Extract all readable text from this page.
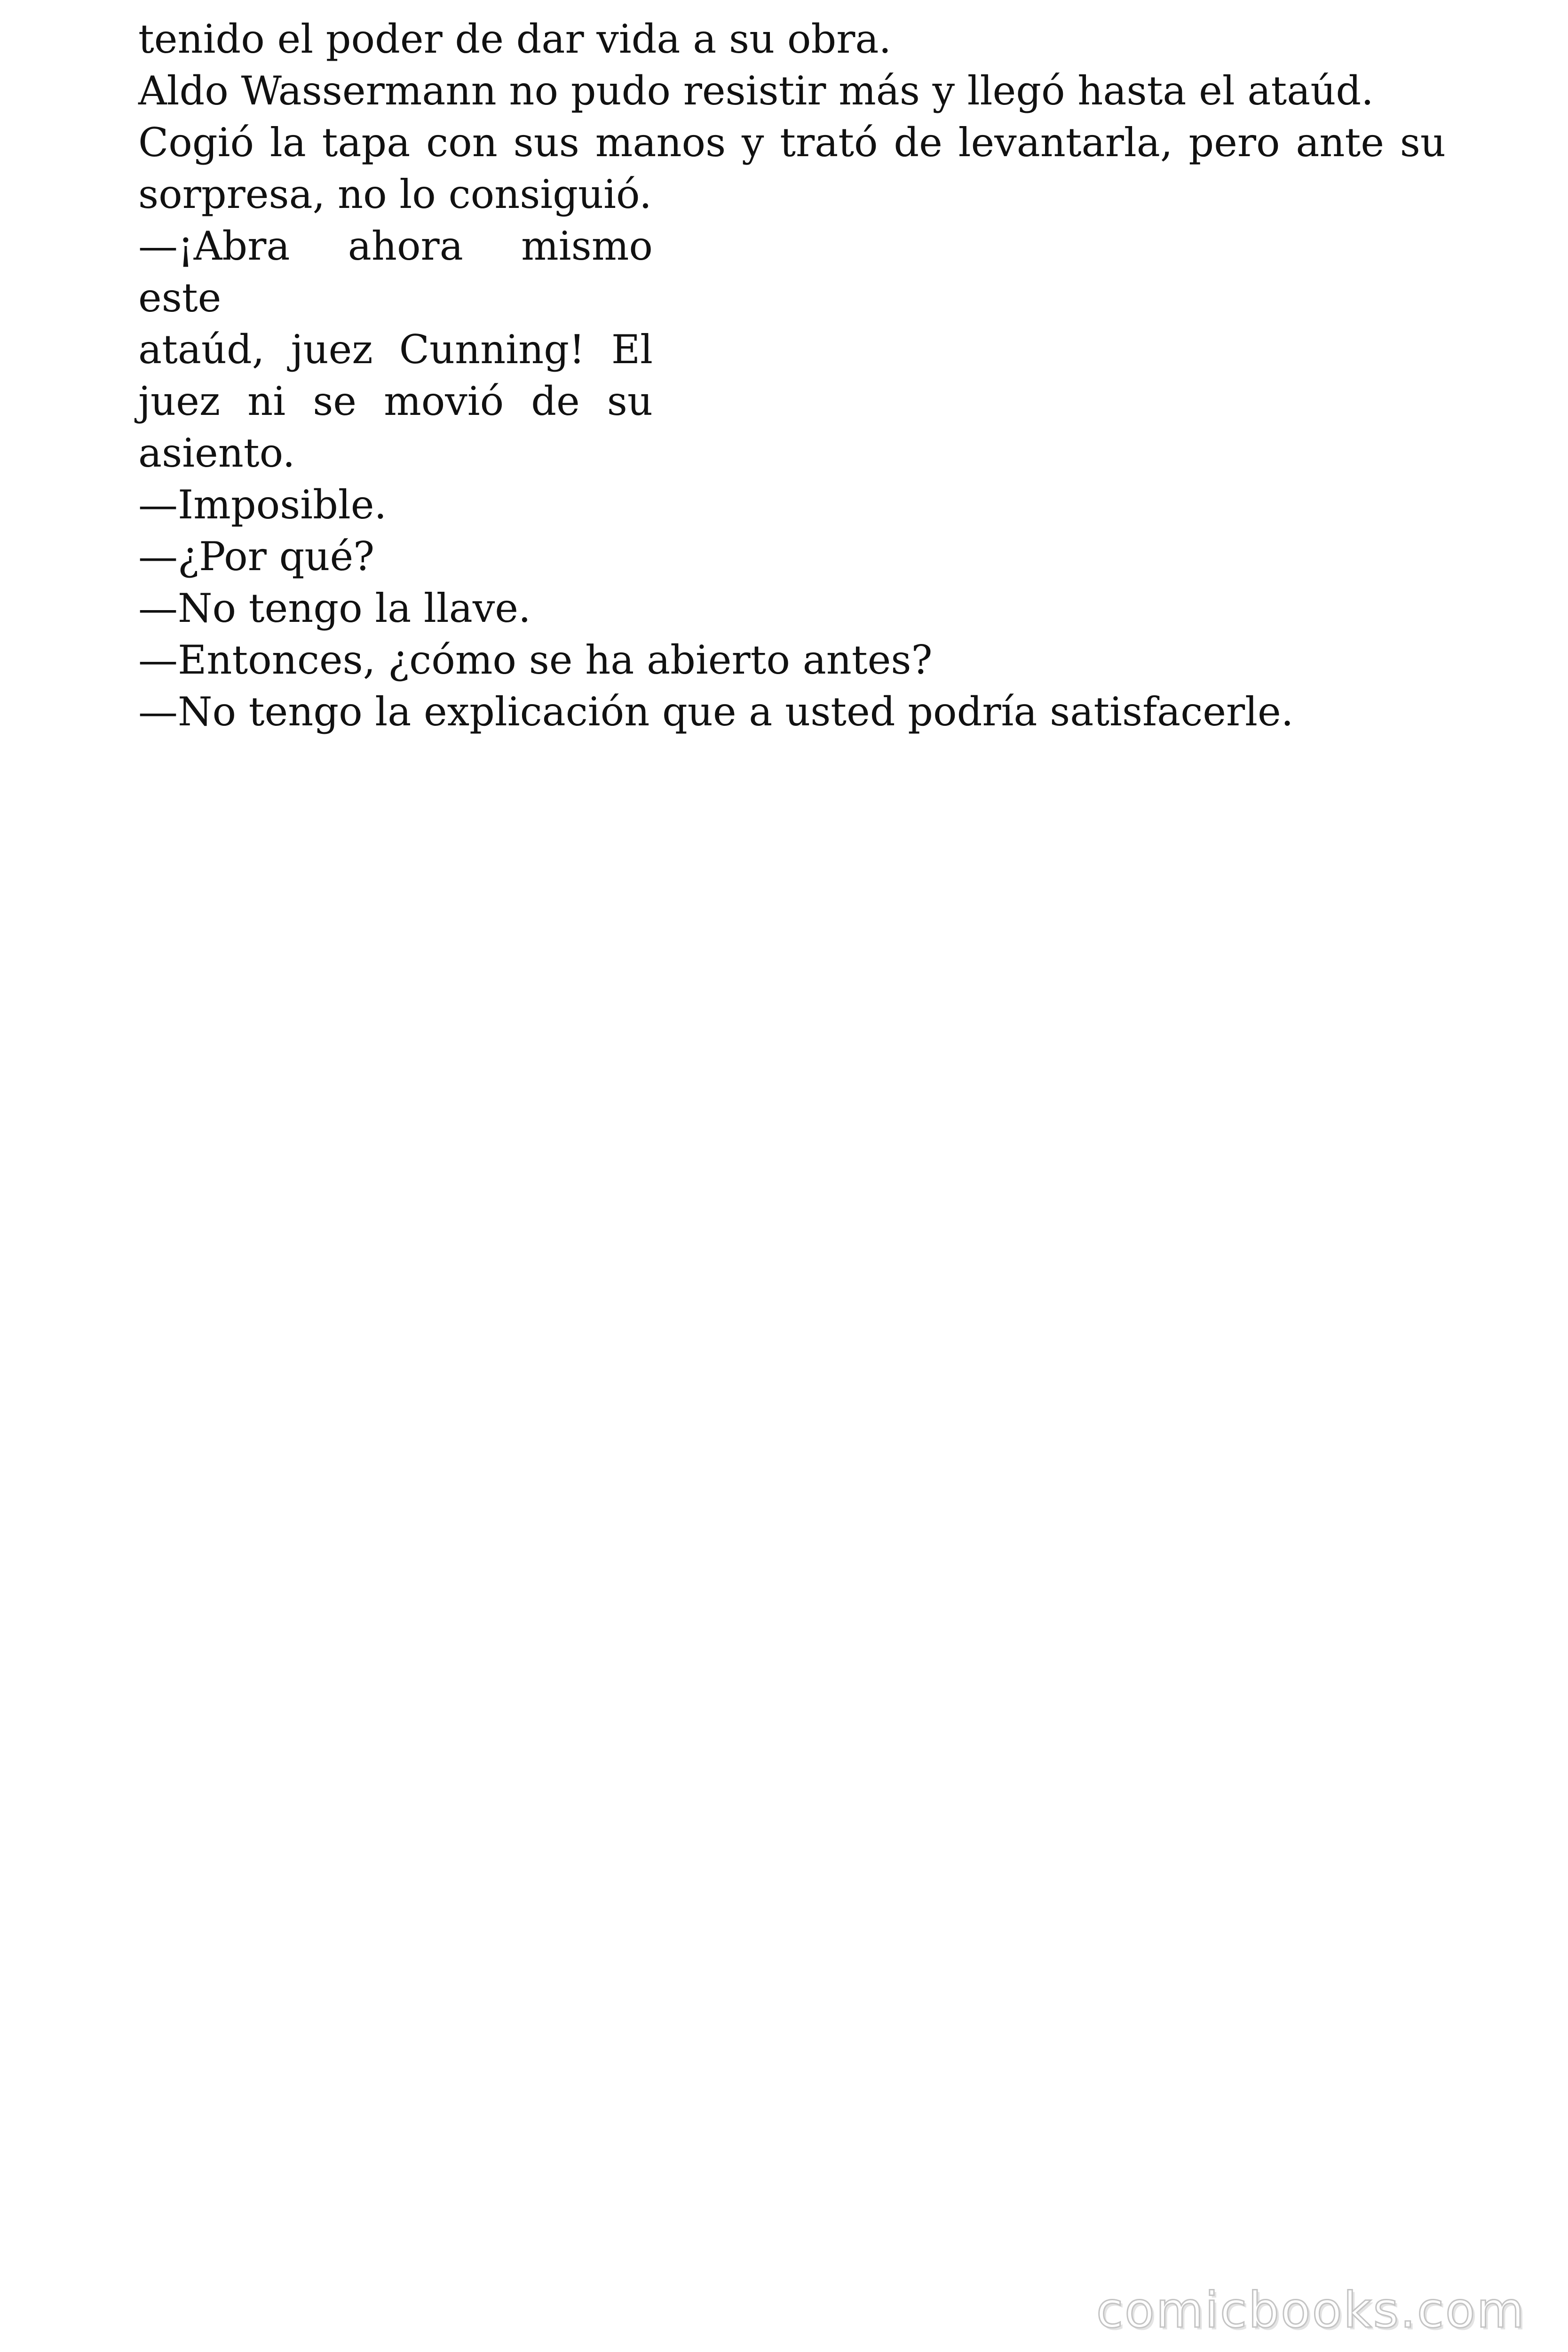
tenido el poder de dar vida a su obra.
Aldo Wassermann no pudo resistir más y llegó hasta el ataúd.
Cogió la tapa con sus manos y trató de levantarla, pero ante su
sorpresa, no lo consiguió.
—¡Abra ahora mismo este
ataúd, juez Cunning! El
juez ni se movió de su
asiento.
—Imposible.
—¿Por qué?
—No tengo la llave.
—Entonces, ¿cómo se ha abierto antes?
—No tengo la explicación que a usted podría satisfacerle.
comicbooks.com
